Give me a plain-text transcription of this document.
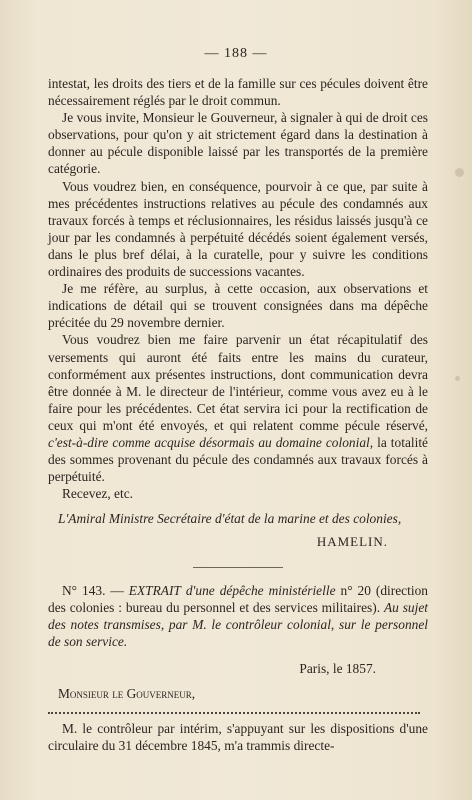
— 188 —

intestat, les droits des tiers et de la famille sur ces pécules doivent être nécessairement réglés par le droit commun.

Je vous invite, Monsieur le Gouverneur, à signaler à qui de droit ces observations, pour qu'on y ait strictement égard dans la destination à donner au pécule disponible laissé par les transportés de la première catégorie.

Vous voudrez bien, en conséquence, pourvoir à ce que, par suite à mes précédentes instructions relatives au pécule des condamnés aux travaux forcés à temps et réclusionnaires, les résidus laissés jusqu'à ce jour par les condamnés à perpétuité décédés soient également versés, dans le plus bref délai, à la curatelle, pour y suivre les conditions ordinaires des produits de successions vacantes.

Je me réfère, au surplus, à cette occasion, aux observations et indications de détail qui se trouvent consignées dans ma dépêche précitée du 29 novembre dernier.

Vous voudrez bien me faire parvenir un état récapitulatif des versements qui auront été faits entre les mains du curateur, conformément aux présentes instructions, dont communication devra être donnée à M. le directeur de l'intérieur, comme vous avez eu à le faire pour les précédentes. Cet état servira ici pour la rectification de ceux qui m'ont été envoyés, et qui relatent comme pécule réservé, c'est-à-dire comme acquise désormais au domaine colonial, la totalité des sommes provenant du pécule des condamnés aux travaux forcés à perpétuité.

Recevez, etc.

L'Amiral Ministre Secrétaire d'état de la marine et des colonies,

HAMELIN.

N° 143. — EXTRAIT d'une dépêche ministérielle n° 20 (direction des colonies : bureau du personnel et des services militaires). Au sujet des notes transmises, par M. le contrôleur colonial, sur le personnel de son service.

Paris, le 1857.

Monsieur le Gouverneur,

M. le contrôleur par intérim, s'appuyant sur les dispositions d'une circulaire du 31 décembre 1845, m'a trammis directe-
